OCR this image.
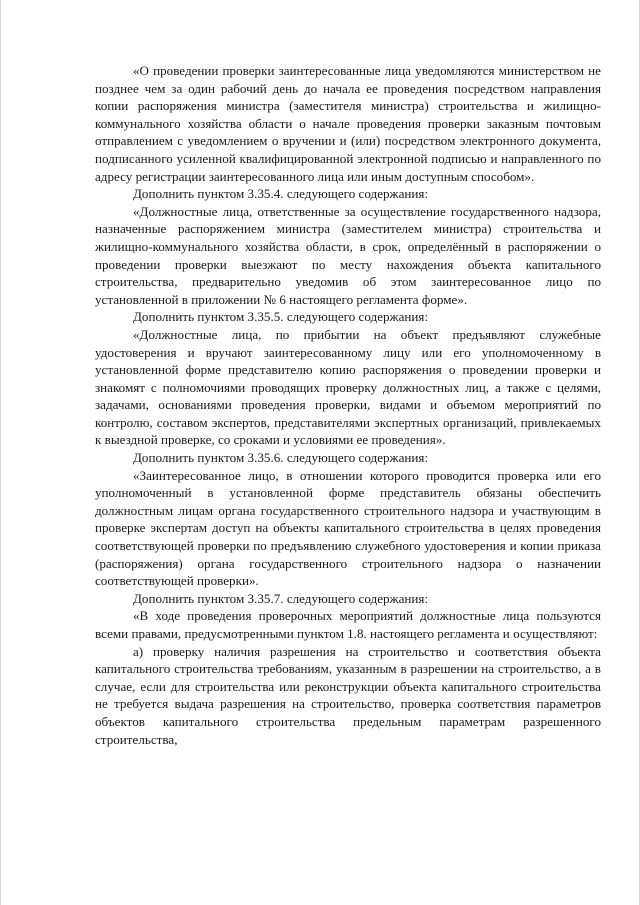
«О проведении проверки заинтересованные лица уведомляются министерством не позднее чем за один рабочий день до начала ее проведения посредством направления копии распоряжения министра (заместителя министра) строительства и жилищно-коммунального хозяйства области о начале проведения проверки заказным почтовым отправлением с уведомлением о вручении и (или) посредством электронного документа, подписанного усиленной квалифицированной электронной подписью и направленного по адресу регистрации заинтересованного лица или иным доступным способом».

Дополнить пунктом 3.35.4. следующего содержания:

«Должностные лица, ответственные за осуществление государственного надзора, назначенные распоряжением министра (заместителем министра) строительства и жилищно-коммунального хозяйства области, в срок, определённый в распоряжении о проведении проверки выезжают по месту нахождения объекта капитального строительства, предварительно уведомив об этом заинтересованное лицо по установленной в приложении № 6 настоящего регламента форме».

Дополнить пунктом 3.35.5. следующего содержания:

«Должностные лица, по прибытии на объект предъявляют служебные удостоверения и вручают заинтересованному лицу или его уполномоченному в установленной форме представителю копию распоряжения о проведении проверки и знакомят с полномочиями проводящих проверку должностных лиц, а также с целями, задачами, основаниями проведения проверки, видами и объемом мероприятий по контролю, составом экспертов, представителями экспертных организаций, привлекаемых к выездной проверке, со сроками и условиями ее проведения».

Дополнить пунктом 3.35.6. следующего содержания:

«Заинтересованное лицо, в отношении которого проводится проверка или его уполномоченный в установленной форме представитель обязаны обеспечить должностным лицам органа государственного строительного надзора и участвующим в проверке экспертам доступ на объекты капитального строительства в целях проведения соответствующей проверки по предъявлению служебного удостоверения и копии приказа (распоряжения) органа государственного строительного надзора о назначении соответствующей проверки».

Дополнить пунктом 3.35.7. следующего содержания:

«В ходе проведения проверочных мероприятий должностные лица пользуются всеми правами, предусмотренными пунктом 1.8. настоящего регламента и осуществляют:

а) проверку наличия разрешения на строительство и соответствия объекта капитального строительства требованиям, указанным в разрешении на строительство, а в случае, если для строительства или реконструкции объекта капитального строительства не требуется выдача разрешения на строительство, проверка соответствия параметров объектов капитального строительства предельным параметрам разрешенного строительства,
